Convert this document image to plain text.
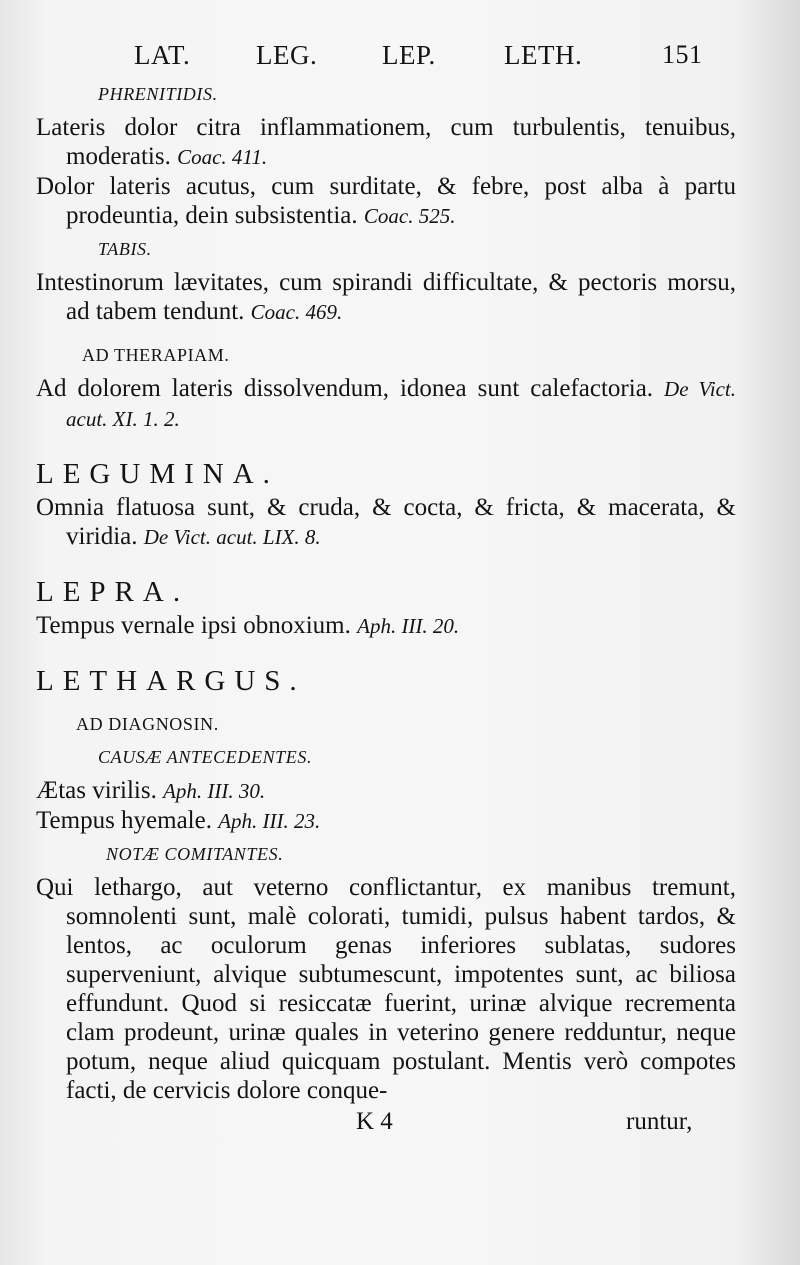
LAT. LEG. LEP.	LETH.	151
PHRENITIDIS.
Lateris dolor citra inflammationem, cum turbulentis, tenuibus, moderatis. Coac. 411.
Dolor lateris acutus, cum surditate, & febre, post alba à partu prodeuntia, dein subsistentia. Coac. 525.
TABIS.
Intestinorum lævitates, cum spirandi difficultate, & pectoris morsu, ad tabem tendunt. Coac. 469.
AD THERAPIAM.
Ad dolorem lateris dissolvendum, idonea sunt calefactoria. De Vict. acut. XI. 1. 2.
LEGUMINA.
Omnia flatuosa sunt, & cruda, & cocta, & fricta, & macerata, & viridia. De Vict. acut. LIX. 8.
LEPRA.
Tempus vernale ipsi obnoxium. Aph. III. 20.
LETHARGUS.
AD DIAGNOSIN.
CAUSÆ ANTECEDENTES.
Ætas virilis. Aph. III. 30.
Tempus hyemale. Aph. III. 23.
NOTÆ COMITANTES.
Qui lethargo, aut veterno conflictantur, ex manibus tremunt, somnolenti sunt, malè colorati, tumidi, pulsus habent tardos, & lentos, ac oculorum genas inferiores sublatas, sudores superveniunt, alvique subtumescunt, impotentes sunt, ac biliosa effundunt. Quod si resiccatæ fuerint, urinæ alvique recrementa clam prodeunt, urinæ quales in veterino genere redduntur, neque potum, neque aliud quicquam postulant. Mentis verò compotes facti, de cervicis dolore conque-
K 4	runtur,
